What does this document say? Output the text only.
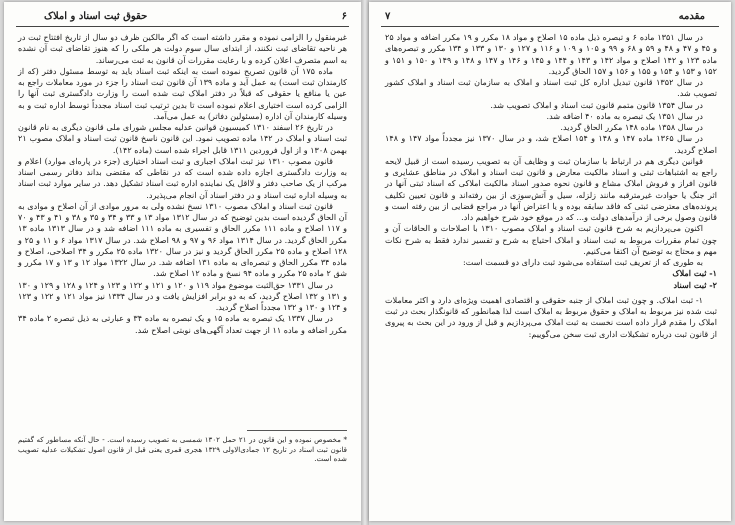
۶
حقوق ثبت اسناد و املاک

غیرمنقول را الزامی نموده و مقرر داشته است که اگر مالکین ظرف دو سال از تاریخ افتتاح ثبت در هر ناحیه تقاضای ثبت نکنند، از ابتدای سال سوم دولت هر ملکی را که هنوز تقاضای ثبت آن نشده به اسم متصرف اعلان کرده و با رعایت مقررات آن قانون به ثبت می‌رساند.

ماده ۱۷۵ آن قانون تصریح نموده است به اینکه ثبت اسناد باید به توسط مسئول دفتر (که از کارمندان ثبت است) به عمل آید و ماده ۱۳۹ آن قانون ثبت اسناد را جزء در مورد معاملات راجع به عین یا منافع یا حقوقی که قبلاً در دفتر املاک ثبت شده است را وزارت دادگستری ثبت آنها را الزامی کرده است اختیاری اعلام نموده است تا بدین ترتیب ثبت اسناد مجدداً توسط اداره ثبت و به وسیله کارمندان آن اداره (مسئولین دفاتر) به عمل می‌آمد.

در تاریخ ۲۶ اسفند ۱۳۱۰ کمیسیون قوانین عدلیه مجلس شورای ملی قانون دیگری به نام قانون ثبت اسناد و املاک در ۱۴۲ ماده تصویب نمود. این قانون ناسخ قانون ثبت اسناد و املاک مصوب ۲۱ بهمن ۱۳۰۸ و از اول فروردین ۱۳۱۱ قابل اجراء شده است (ماده ۱۴۲).

قانون مصوب ۱۳۱۰ نیز ثبت املاک اجباری و ثبت اسناد اختیاری (جزء در پاره‌ای موارد) اعلام و به وزارت دادگستری اجازه داده شده است که در نقاطی که مقتضی بداند دفاتر رسمی اسناد مرکب از یک صاحب دفتر و لااقل یک نماینده اداره ثبت اسناد تشکیل دهد. در سایر موارد ثبت اسناد به وسیله اداره ثبت اسناد و در دفتر اسناد آن انجام می‌پذیرد.

قانون ثبت اسناد و املاک مصوب ۱۳۱۰ نسخ نشده ولی به مرور موادی از آن اصلاح و موادی به آن الحاق گردیده است بدین توضیح که در سال ۱۳۱۲ مواد ۱۳ و ۳۳ و ۳۴ و ۳۵ و ۳۸ و ۴۱ و ۴۳ و ۷۰ و ۱۱۷ اصلاح و ماده ۱۱۱ مکرر الحاق و تفسیری به ماده ۱۱۱ اضافه شد و در سال ۱۳۱۳ ماده ۱۳ مکرر الحاق گردید. در سال ۱۳۱۴ مواد ۹۶ و ۹۷ و ۹۸ اصلاح شد. در سال ۱۳۱۷ مواد ۶ و ۱۱ و ۲۵ و ۱۲۸ اصلاح و ماده ۲۵ مکرر الحاق گردید و نیز در سال ۱۳۲۰ ماده ۲۵ مکرر و ۳۴ اصلاحی، اصلاح و ماده ۳۴ مکرر الحاق و تبصره‌ای به ماده ۱۳۱ اضافه شد. در سال ۱۳۲۲ مواد ۱۲ و ۱۳ و ۱۷ مکرر و شق ۲ ماده ۲۵ مکرر و ماده ۹۴ نسخ و ماده ۱۲ اصلاح شد.

در سال ۱۳۳۱ حق‌الثبت موضوع مواد ۱۱۹ و ۱۲۰ و ۱۲۱ و ۱۲۲ و ۱۲۳ و ۱۲۴ و ۱۲۸ و ۱۲۹ و ۱۳۰ و ۱۳۱ و ۱۳۲ اصلاح گردید، که به دو برابر افزایش یافت و در سال ۱۳۳۴ نیز مواد ۱۲۱ و ۱۲۲ و ۱۲۳ و ۱۲۴ و ۱۳۰ و ۱۳۲ مجدداً اصلاح گردید.

در سال ۱۳۳۷ یک تبصره به ماده ۱۵ و یک تبصره به ماده ۳۴ و عبارتی به ذیل تبصره ۲ ماده ۳۴ مکرر اضافه و ماده ۱۱ از جهت تعداد آگهی‌های نوبتی اصلاح شد.

* مخصوص نموده و این قانون در ۲۱ حمل ۱۳۰۲ شمسی به تصویب رسیده است. - حال آنکه مساطور که گفتیم قانون ثبت اسناد در تاریخ ۱۲ جمادی‌الاولی ۱۳۲۹ هجری قمری یعنی قبل از قانون اصول تشکیلات عدلیه تصویب شده است.
مقدمه
۷

در سال ۱۳۵۱ ماده ۶ و تبصره ذیل ماده ۱۵ اصلاح و مواد ۱۸ مکرر و ۱۹ مکرر اضافه و مواد ۲۵ و ۴۵ و ۴۷ و ۴۸ و ۵۹ و ۶۸ و ۹۹ و ۱۰۵ و ۱۰۹ و ۱۱۶ و ۱۲۷ و ۱۳۰ و ۱۳۳ و ۱۳۴ مکرر و تبصره‌های ماده ۱۲۳ و ۱۴۲ اصلاح و مواد ۱۴۲ و ۱۴۳ و ۱۴۴ و ۱۴۵ و ۱۴۶ و ۱۴۷ و ۱۴۸ و ۱۴۹ و ۱۵۰ و ۱۵۱ و ۱۵۲ و ۱۵۳ و ۱۵۴ و ۱۵۵ و ۱۵۶ و ۱۵۷ الحاق گردید.

در سال ۱۳۵۲ قانون تبدیل اداره کل ثبت اسناد و املاک به سازمان ثبت اسناد و املاک کشور تصویب شد.

در سال ۱۳۵۴ قانون متمم قانون ثبت اسناد و املاک تصویب شد.

در سال ۱۳۵۱ یک تبصره به ماده ۴۰ اضافه شد.

در سال ۱۳۵۸ ماده ۱۴۸ مکرر الحاق گردید.

در سال ۱۳۶۵ ماده ۱۴۷ و ۱۴۸ و ۱۵۴ اصلاح شد، و در سال ۱۳۷۰ نیز مجدداً مواد ۱۴۷ و ۱۴۸ اصلاح گردید.

قوانین دیگری هم در ارتباط با سازمان ثبت و وظایف آن به تصویب رسیده است از قبیل لایحه راجع به اشتباهات ثبتی و اسناد مالکیت معارض و قانون ثبت اسناد و املاک در مناطق عشایری و قانون افراز و فروش املاک مشاع و قانون نحوه صدور اسناد مالکیت املاکی که اسناد ثبتی آنها در اثر جنگ یا حوادث غیرمترقبه مانند زلزله، سیل و آتش‌سوزی از بین رفته‌اند و قانون تعیین تکلیف پرونده‌های معترضی ثبتی که فاقد سابقه بوده و یا اعتراض آنها در مراجع قضایی از بین رفته است و قانون وصول برخی از درآمدهای دولت و... که در موقع خود شرح خواهیم داد.

اکنون می‌پردازیم به شرح قانون ثبت اسناد و املاک مصوب ۱۳۱۰ با اصلاحات و الحاقات آن و چون تمام مقررات مربوط به ثبت اسناد و املاک احتیاج به شرح و تفسیر ندارد فقط به شرح نکات مهم و محتاج به توضیح آن اکتفا می‌کنیم.

به طوری که از تعریف ثبت استفاده می‌شود ثبت دارای دو قسمت است:

۱- ثبت املاک

۲- ثبت اسناد

۱- ثبت املاک. و چون ثبت املاک از جنبه حقوقی و اقتصادی اهمیت ویژه‌ای دارد و اکثر معاملات ثبت شده نیز مربوط به املاک و حقوق مربوط به املاک است لذا همانطور که قانونگذار بحث در ثبت املاک را مقدم قرار داده است نخست به ثبت املاک می‌پردازیم و قبل از ورود در این بحث به پیروی از قانون ثبت درباره تشکیلات اداری ثبت سخن می‌گوییم:
